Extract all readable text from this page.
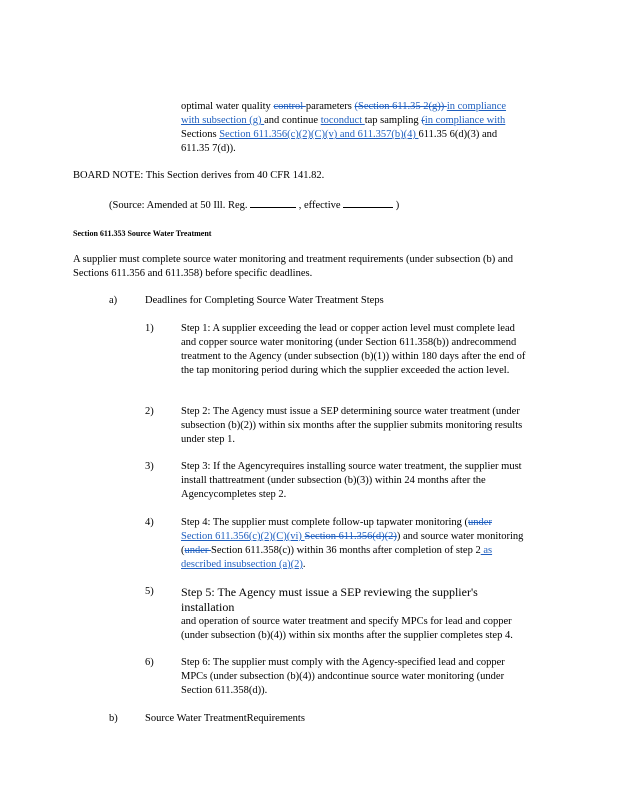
optimal water quality control parameters (Section 611.35 2(g)) in compliance with subsection (g) and continue toconduct tap sampling (in compliance with Sections Section 611.356(c)(2)(C)(v) and 611.357(b)(4) 611.35 6(d)(3) and 611.35 7(d)).
BOARD NOTE: This Section derives from 40 CFR 141.82.
(Source: Amended at 50 Ill. Reg.	, effective	)
Section 611.353 Source Water Treatment
A supplier must complete source water monitoring and treatment requirements (under subsection (b) and Sections 611.356 and 611.358) before specific deadlines.
a)	Deadlines for Completing Source Water Treatment Steps
1)	Step 1: A supplier exceeding the lead or copper action level must complete lead and copper source water monitoring (under Section 611.358(b)) andrecommend treatment to the Agency (under subsection (b)(1)) within 180 days after the end of the tap monitoring period during which the supplier exceeded the action level.
2)	Step 2: The Agency must issue a SEP determining source water treatment (under subsection (b)(2)) within six months after the supplier submits monitoring results under step 1.
3)	Step 3: If the Agencyrequires installing source water treatment, the supplier must install thattreatment (under subsection (b)(3)) within 24 months after the Agencycompletes step 2.
4)	Step 4: The supplier must complete follow-up tapwater monitoring (under Section 611.356(c)(2)(C)(vi) Section 611.356(d)(2)) and source water monitoring (under Section 611.358(c)) within 36 months after completion of step 2 as described insubsection (a)(2).
5) Step 5: The Agency must issue a SEP reviewing the supplier's installation
and operation of source water treatment and specify MPCs for lead and copper (under subsection (b)(4)) within six months after the supplier completes step 4.
6)	Step 6: The supplier must comply with the Agency-specified lead and copper MPCs (under subsection (b)(4)) andcontinue source water monitoring (under Section 611.358(d)).
b)	Source Water TreatmentRequirements
